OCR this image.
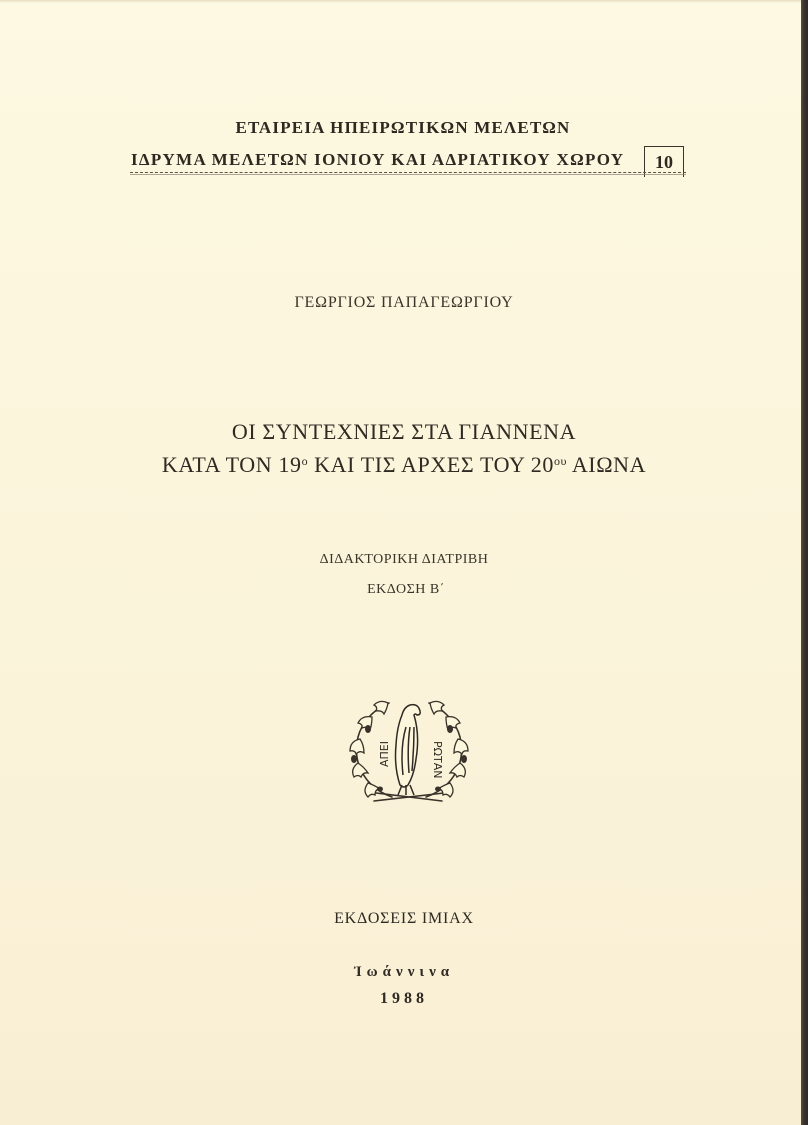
ΕΤΑΙΡΕΙΑ ΗΠΕΙΡΩΤΙΚΩΝ ΜΕΛΕΤΩΝ
ΙΔΡΥΜΑ ΜΕΛΕΤΩΝ ΙΟΝΙΟΥ ΚΑΙ ΑΔΡΙΑΤΙΚΟΥ ΧΩΡΟΥ	10
ΓΕΩΡΓΙΟΣ ΠΑΠΑΓΕΩΡΓΙΟΥ
ΟΙ ΣΥΝΤΕΧΝΙΕΣ ΣΤΑ ΓΙΑΝΝΕΝΑ
ΚΑΤΑ ΤΟΝ $19^o$ ΚΑΙ ΤΙΣ ΑΡΧΕΣ ΤΟΥ $20^{o\upsilon}$ ΑΙΩΝΑ
ΔΙΔΑΚΤΟΡΙΚΗ ΔΙΑΤΡΙΒΗ
ΕΚΔΟΣΗ Β΄
ΑΠΕΙ	ΡΩΤΑΝ
ΕΚΔΟΣΕΙΣ ΙΜΙΑΧ
Ἰωάννινα
1988
